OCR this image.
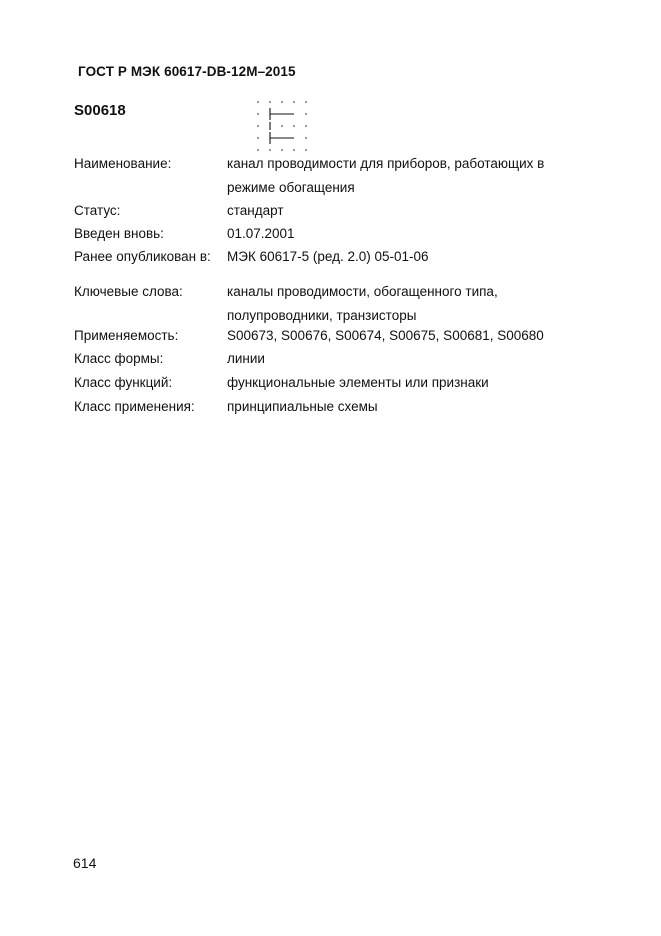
ГОСТ Р МЭК 60617-DB-12M–2015
S00618
Наименование:	канал проводимости для приборов, работающих в режиме обогащения
Статус:	стандарт
Введен вновь:	01.07.2001
Ранее опубликован в: МЭК 60617-5 (ред. 2.0) 05-01-06
Ключевые слова:	каналы проводимости, обогащенного типа, полупроводники, транзисторы
Применяемость:	S00673, S00676, S00674, S00675, S00681, S00680
Класс формы:	линии
Класс функций:	функциональные элементы или признаки
Класс применения: принципиальные схемы
614
